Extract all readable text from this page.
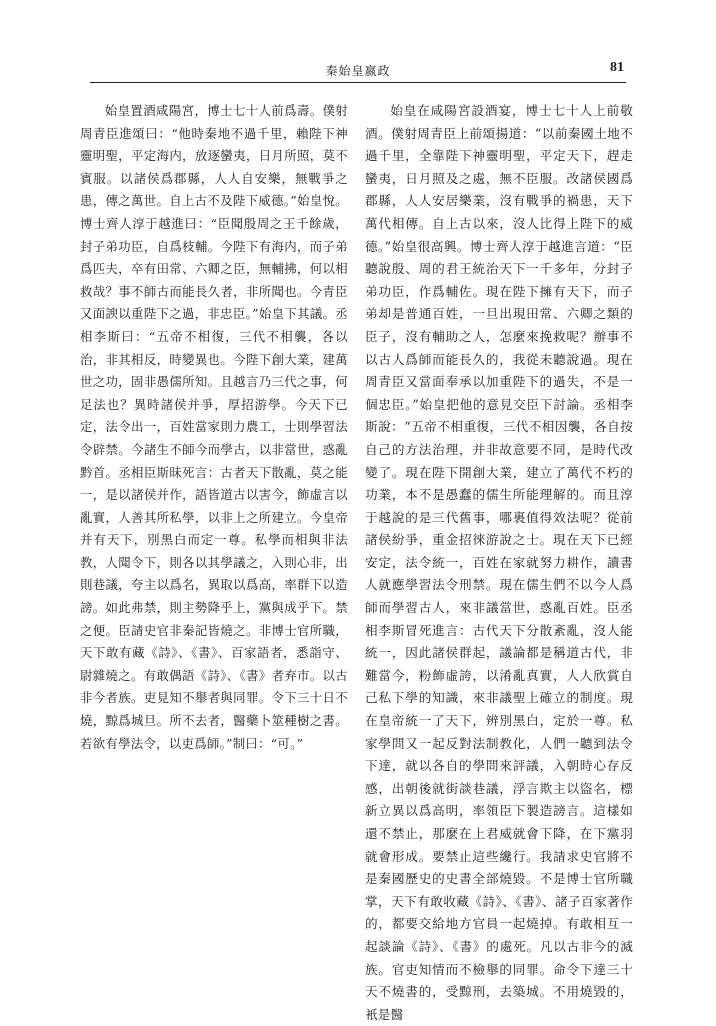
秦始皇嬴政	81
始皇置酒咸陽宮，博士七十人前爲壽。僕射周青臣進頌曰：“他時秦地不過千里，賴陛下神靈明聖，平定海内，放逐蠻夷，日月所照，莫不賓服。以諸侯爲郡縣，人人自安樂，無戰爭之患，傳之萬世。自上古不及陛下威德。”始皇悅。博士齊人淳于越進曰：“臣聞殷周之王千餘歲，封子弟功臣，自爲枝輔。今陛下有海内，而子弟爲匹夫，卒有田常、六卿之臣，無輔拂，何以相救哉？事不師古而能長久者，非所聞也。今青臣又面諛以重陛下之過，非忠臣。”始皇下其議。丞相李斯曰：“五帝不相復，三代不相襲，各以治，非其相反，時變異也。今陛下創大業，建萬世之功，固非愚儒所知。且越言乃三代之事，何足法也？異時諸侯并爭，厚招游學。今天下已定，法令出一，百姓當家則力農工，士則學習法令辟禁。今諸生不師今而學古，以非當世，惑亂黔首。丞相臣斯昧死言：古者天下散亂，莫之能一，是以諸侯并作，語皆道古以害今，飾虛言以亂實，人善其所私學，以非上之所建立。今皇帝并有天下，別黑白而定一尊。私學而相與非法教，人聞令下，則各以其學議之，入則心非，出則巷議，夸主以爲名，異取以爲高，率群下以造謗。如此弗禁，則主勢降乎上，黨與成乎下。禁之便。臣請史官非秦記皆燒之。非博士官所職，天下敢有藏《詩》、《書》、百家語者，悉詣守、尉雜燒之。有敢偶語《詩》、《書》者弃市。以古非今者族。吏見知不舉者與同罪。令下三十日不燒，黥爲城旦。所不去者，醫藥卜筮種樹之書。若欲有學法令，以吏爲師。”制曰：“可。”
始皇在咸陽宮設酒宴，博士七十人上前敬酒。僕射周青臣上前頌揚道：“以前秦國土地不過千里，全靠陛下神靈明聖，平定天下，趕走蠻夷，日月照及之處，無不臣服。改諸侯國爲郡縣，人人安居樂業，沒有戰爭的禍患，天下萬代相傳。自上古以來，沒人比得上陛下的威德。”始皇很高興。博士齊人淳于越進言道：“臣聽說殷、周的君王統治天下一千多年，分封子弟功臣，作爲輔佐。現在陛下擁有天下，而子弟却是普通百姓，一旦出現田常、六卿之類的臣子，沒有輔助之人，怎麼來挽救呢？辦事不以古人爲師而能長久的，我從未聽說過。現在周青臣又當面奉承以加重陛下的過失，不是一個忠臣。”始皇把他的意見交臣下討論。丞相李斯說：“五帝不相重復，三代不相因襲，各自按自己的方法治理，并非故意要不同，是時代改變了。現在陛下開創大業，建立了萬代不朽的功業，本不是愚蠢的儒生所能理解的。而且淳于越說的是三代舊事，哪裏值得效法呢？從前諸侯紛爭，重金招徠游說之士。現在天下已經安定，法令統一，百姓在家就努力耕作，讀書人就應學習法令刑禁。現在儒生們不以今人爲師而學習古人，來非議當世，惑亂百姓。臣丞相李斯冒死進言：古代天下分散紊亂，沒人能統一，因此諸侯群起，議論都是稱道古代，非難當今，粉飾虛誇，以淆亂真實，人人欣賞自己私下學的知識，來非議聖上確立的制度。現在皇帝統一了天下，辨別黑白，定於一尊。私家學問又一起反對法制教化，人們一聽到法令下達，就以各自的學問來評議，入朝時心存反感，出朝後就街談巷議，浮言欺主以盜名，標新立異以爲高明，率領臣下製造謗言。這樣如還不禁止，那麼在上君威就會下降，在下黨羽就會形成。要禁止這些纔行。我請求史官將不是秦國歷史的史書全部燒毀。不是博士官所職掌，天下有敢收藏《詩》、《書》、諸子百家著作的，都要交給地方官員一起燒掉。有敢相互一起談論《詩》、《書》的處死。凡以古非今的滅族。官吏知情而不檢舉的同罪。命令下達三十天不燒書的，受黥刑，去築城。不用燒毀的，衹是醫
